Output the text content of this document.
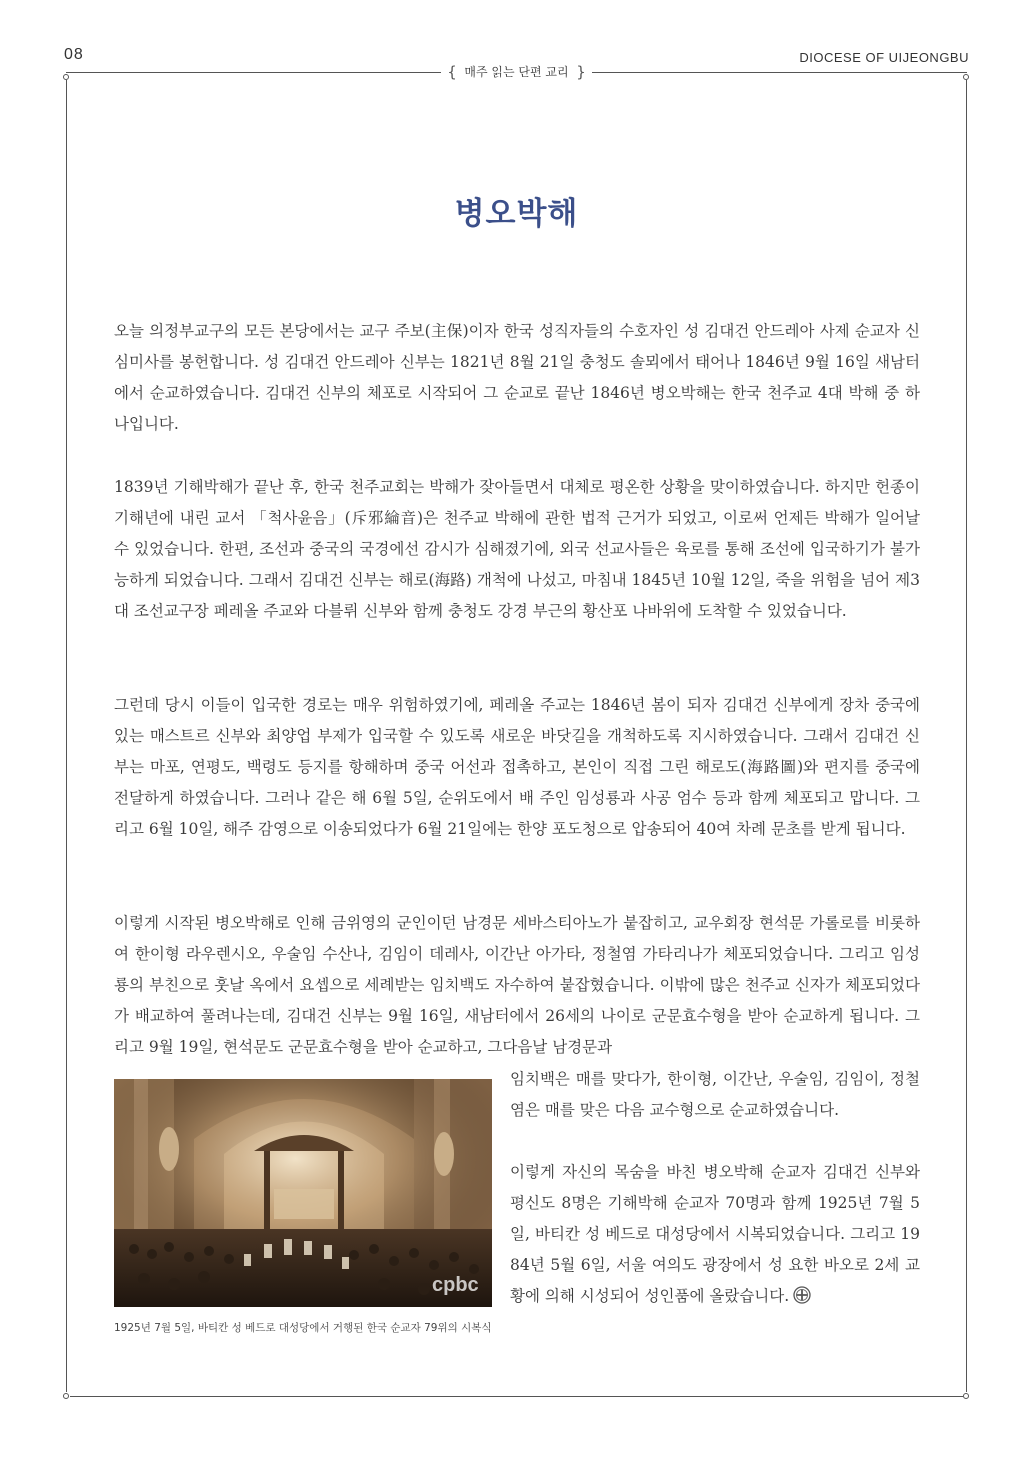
08	DIOCESE OF UIJEONGBU
{ 매주 읽는 단편 교리 }
병오박해

오늘 의정부교구의 모든 본당에서는 교구 주보(主保)이자 한국 성직자들의 수호자인 성 김대건 안드레아 사제 순교자 신심미사를 봉헌합니다. 성 김대건 안드레아 신부는 1821년 8월 21일 충청도 솔뫼에서 태어나 1846년 9월 16일 새남터에서 순교하였습니다. 김대건 신부의 체포로 시작되어 그 순교로 끝난 1846년 병오박해는 한국 천주교 4대 박해 중 하나입니다.

1839년 기해박해가 끝난 후, 한국 천주교회는 박해가 잦아들면서 대체로 평온한 상황을 맞이하였습니다. 하지만 헌종이 기해년에 내린 교서 「척사윤음」(斥邪綸音)은 천주교 박해에 관한 법적 근거가 되었고, 이로써 언제든 박해가 일어날 수 있었습니다. 한편, 조선과 중국의 국경에선 감시가 심해졌기에, 외국 선교사들은 육로를 통해 조선에 입국하기가 불가능하게 되었습니다. 그래서 김대건 신부는 해로(海路) 개척에 나섰고, 마침내 1845년 10월 12일, 죽을 위험을 넘어 제3대 조선교구장 페레올 주교와 다블뤼 신부와 함께 충청도 강경 부근의 황산포 나바위에 도착할 수 있었습니다.

그런데 당시 이들이 입국한 경로는 매우 위험하였기에, 페레올 주교는 1846년 봄이 되자 김대건 신부에게 장차 중국에 있는 매스트르 신부와 최양업 부제가 입국할 수 있도록 새로운 바닷길을 개척하도록 지시하였습니다. 그래서 김대건 신부는 마포, 연평도, 백령도 등지를 항해하며 중국 어선과 접촉하고, 본인이 직접 그린 해로도(海路圖)와 편지를 중국에 전달하게 하였습니다. 그러나 같은 해 6월 5일, 순위도에서 배 주인 임성룡과 사공 엄수 등과 함께 체포되고 맙니다. 그리고 6월 10일, 해주 감영으로 이송되었다가 6월 21일에는 한양 포도청으로 압송되어 40여 차례 문초를 받게 됩니다.

이렇게 시작된 병오박해로 인해 금위영의 군인이던 남경문 세바스티아노가 붙잡히고, 교우회장 현석문 가롤로를 비롯하여 한이형 라우렌시오, 우술임 수산나, 김임이 데레사, 이간난 아가타, 정철염 가타리나가 체포되었습니다. 그리고 임성룡의 부친으로 훗날 옥에서 요셉으로 세례받는 임치백도 자수하여 붙잡혔습니다. 이밖에 많은 천주교 신자가 체포되었다가 배교하여 풀려나는데, 김대건 신부는 9월 16일, 새남터에서 26세의 나이로 군문효수형을 받아 순교하게 됩니다. 그리고 9월 19일, 현석문도 군문효수형을 받아 순교하고, 그다음날 남경문과

임치백은 매를 맞다가, 한이형, 이간난, 우술임, 김임이, 정철염은 매를 맞은 다음 교수형으로 순교하였습니다.

이렇게 자신의 목숨을 바친 병오박해 순교자 김대건 신부와 평신도 8명은 기해박해 순교자 70명과 함께 1925년 7월 5일, 바티칸 성 베드로 대성당에서 시복되었습니다. 그리고 1984년 5월 6일, 서울 여의도 광장에서 성 요한 바오로 2세 교황에 의해 시성되어 성인품에 올랐습니다.

cpbc
1925년 7월 5일, 바티칸 성 베드로 대성당에서 거행된 한국 순교자 79위의 시복식
